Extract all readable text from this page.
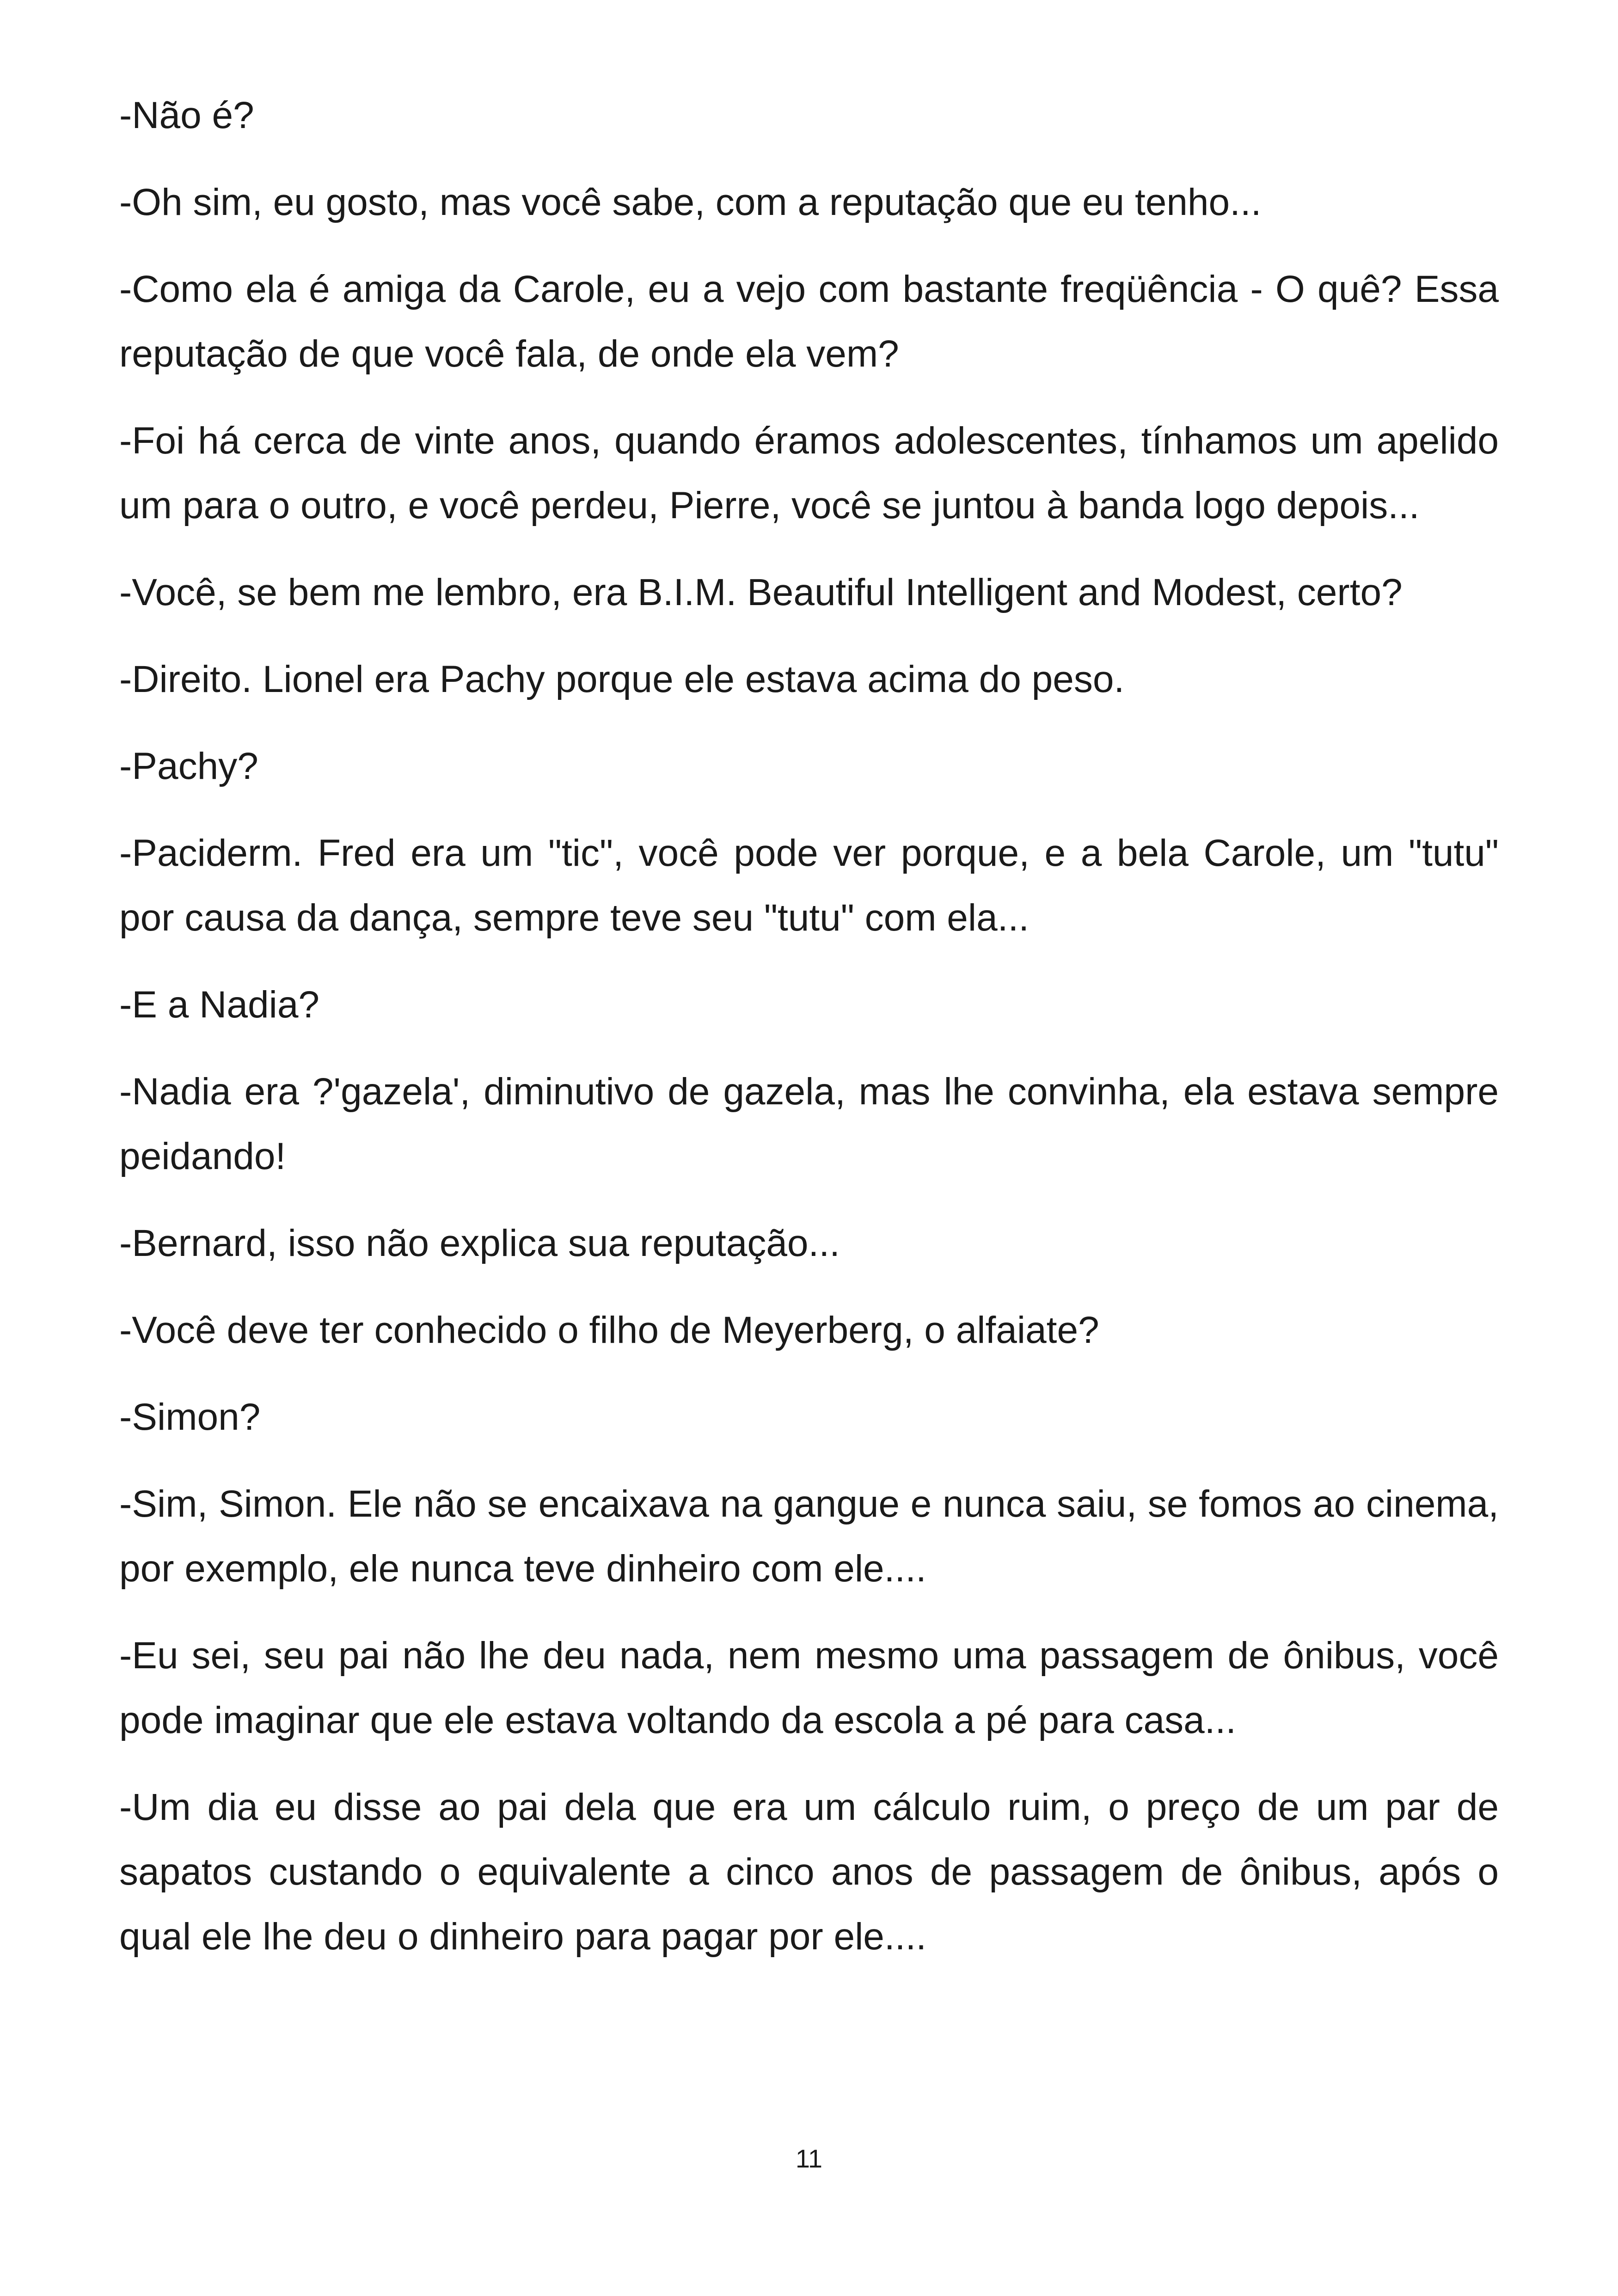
-Não é?

-Oh sim, eu gosto, mas você sabe, com a reputação que eu tenho...

-Como ela é amiga da Carole, eu a vejo com bastante freqüência - O quê? Essa reputação de que você fala, de onde ela vem?

-Foi há cerca de vinte anos, quando éramos adolescentes, tínhamos um apelido um para o outro, e você perdeu, Pierre, você se juntou à banda logo depois...

-Você, se bem me lembro, era B.I.M. Beautiful Intelligent and Modest, certo?

-Direito. Lionel era Pachy porque ele estava acima do peso.

-Pachy?

-Paciderm. Fred era um "tic", você pode ver porque, e a bela Carole, um "tutu" por causa da dança, sempre teve seu "tutu" com ela...

-E a Nadia?

-Nadia era ?'gazela', diminutivo de gazela, mas lhe convinha, ela estava sempre peidando!

-Bernard, isso não explica sua reputação...

-Você deve ter conhecido o filho de Meyerberg, o alfaiate?

-Simon?

-Sim, Simon. Ele não se encaixava na gangue e nunca saiu, se fomos ao cinema, por exemplo, ele nunca teve dinheiro com ele....

-Eu sei, seu pai não lhe deu nada, nem mesmo uma passagem de ônibus, você pode imaginar que ele estava voltando da escola a pé para casa...

-Um dia eu disse ao pai dela que era um cálculo ruim, o preço de um par de sapatos custando o equivalente a cinco anos de passagem de ônibus, após o qual ele lhe deu o dinheiro para pagar por ele....

11
